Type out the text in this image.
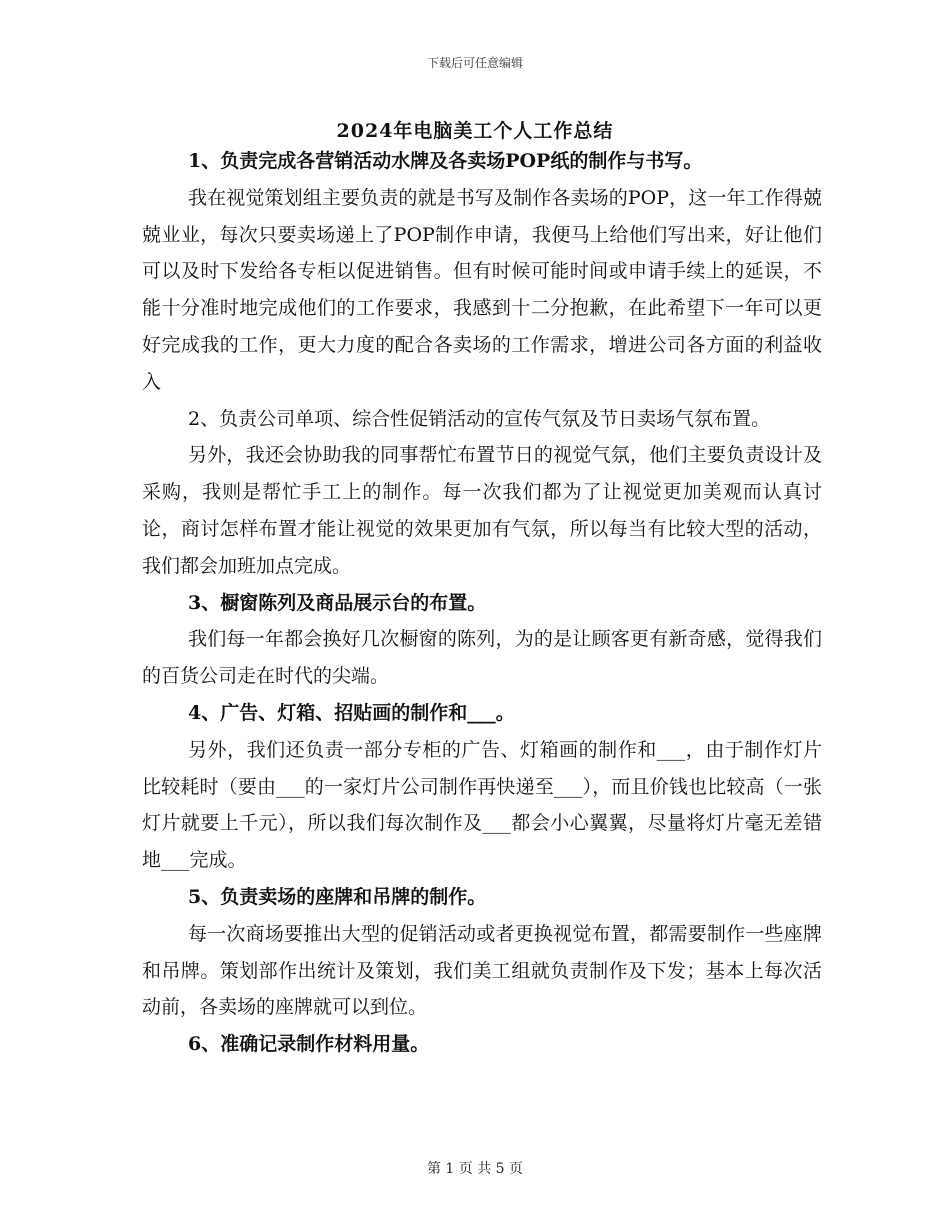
下载后可任意编辑
2024年电脑美工个人工作总结
1、负责完成各营销活动水牌及各卖场POP纸的制作与书写。
我在视觉策划组主要负责的就是书写及制作各卖场的POP，这一年工作得兢兢业业，每次只要卖场递上了POP制作申请，我便马上给他们写出来，好让他们可以及时下发给各专柜以促进销售。但有时候可能时间或申请手续上的延误，不能十分准时地完成他们的工作要求，我感到十二分抱歉，在此希望下一年可以更好完成我的工作，更大力度的配合各卖场的工作需求，增进公司各方面的利益收入
2、负责公司单项、综合性促销活动的宣传气氛及节日卖场气氛布置。
另外，我还会协助我的同事帮忙布置节日的视觉气氛，他们主要负责设计及采购，我则是帮忙手工上的制作。每一次我们都为了让视觉更加美观而认真讨论，商讨怎样布置才能让视觉的效果更加有气氛，所以每当有比较大型的活动，我们都会加班加点完成。
3、橱窗陈列及商品展示台的布置。
我们每一年都会换好几次橱窗的陈列，为的是让顾客更有新奇感，觉得我们的百货公司走在时代的尖端。
4、广告、灯箱、招贴画的制作和___。
另外，我们还负责一部分专柜的广告、灯箱画的制作和___，由于制作灯片比较耗时（要由___的一家灯片公司制作再快递至___），而且价钱也比较高（一张灯片就要上千元），所以我们每次制作及___都会小心翼翼，尽量将灯片毫无差错地___完成。
5、负责卖场的座牌和吊牌的制作。
每一次商场要推出大型的促销活动或者更换视觉布置，都需要制作一些座牌和吊牌。策划部作出统计及策划，我们美工组就负责制作及下发；基本上每次活动前，各卖场的座牌就可以到位。
6、准确记录制作材料用量。
第 1 页 共 5 页
